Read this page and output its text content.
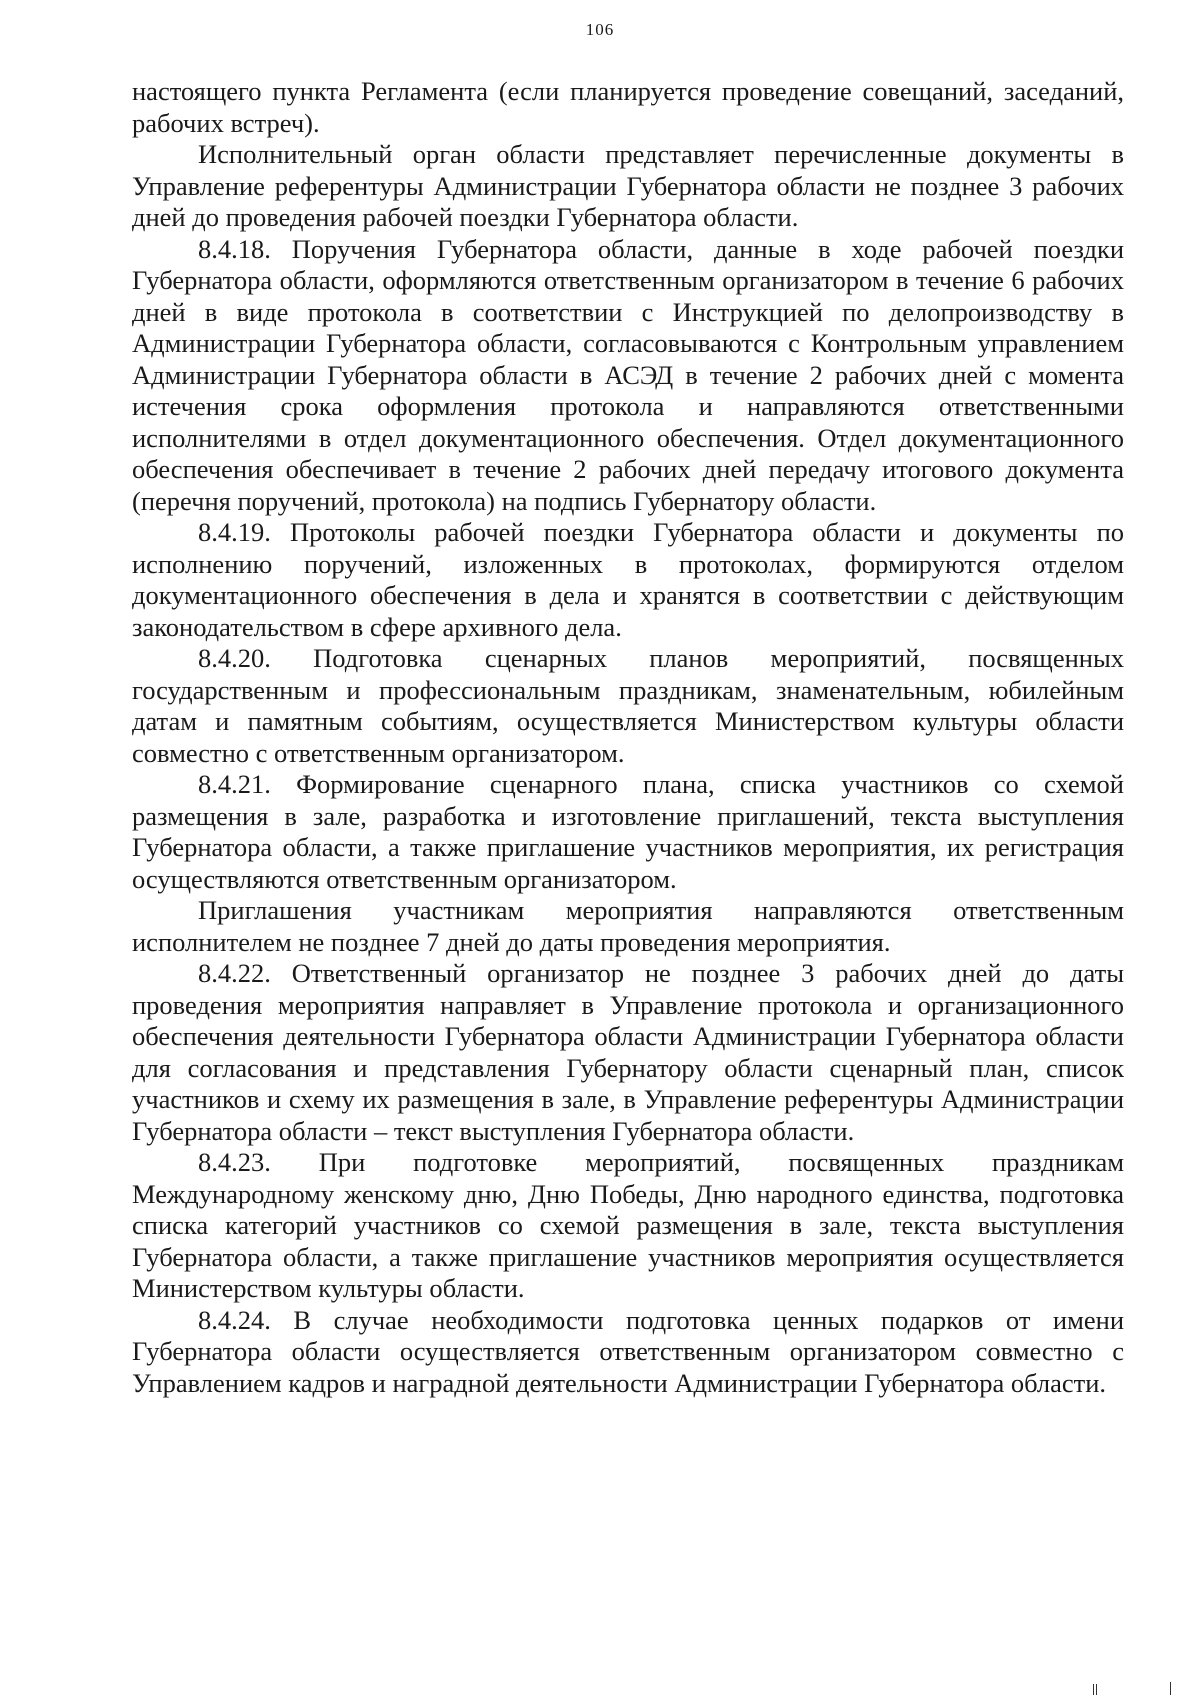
106

настоящего пункта Регламента (если планируется проведение совещаний, заседаний, рабочих встреч).

Исполнительный орган области представляет перечисленные документы в Управление референтуры Администрации Губернатора области не позднее 3 рабочих дней до проведения рабочей поездки Губернатора области.

8.4.18. Поручения Губернатора области, данные в ходе рабочей поездки Губернатора области, оформляются ответственным организатором в течение 6 рабочих дней в виде протокола в соответствии с Инструкцией по делопроизводству в Администрации Губернатора области, согласовываются с Контрольным управлением Администрации Губернатора области в АСЭД в течение 2 рабочих дней с момента истечения срока оформления протокола и направляются ответственными исполнителями в отдел документационного обеспечения. Отдел документационного обеспечения обеспечивает в течение 2 рабочих дней передачу итогового документа (перечня поручений, протокола) на подпись Губернатору области.

8.4.19. Протоколы рабочей поездки Губернатора области и документы по исполнению поручений, изложенных в протоколах, формируются отделом документационного обеспечения в дела и хранятся в соответствии с действующим законодательством в сфере архивного дела.

8.4.20. Подготовка сценарных планов мероприятий, посвященных государственным и профессиональным праздникам, знаменательным, юбилейным датам и памятным событиям, осуществляется Министерством культуры области совместно с ответственным организатором.

8.4.21. Формирование сценарного плана, списка участников со схемой размещения в зале, разработка и изготовление приглашений, текста выступления Губернатора области, а также приглашение участников мероприятия, их регистрация осуществляются ответственным организатором.

Приглашения участникам мероприятия направляются ответственным исполнителем не позднее 7 дней до даты проведения мероприятия.

8.4.22. Ответственный организатор не позднее 3 рабочих дней до даты проведения мероприятия направляет в Управление протокола и организационного обеспечения деятельности Губернатора области Администрации Губернатора области для согласования и представления Губернатору области сценарный план, список участников и схему их размещения в зале, в Управление референтуры Администрации Губернатора области – текст выступления Губернатора области.

8.4.23. При подготовке мероприятий, посвященных праздникам Международному женскому дню, Дню Победы, Дню народного единства, подготовка списка категорий участников со схемой размещения в зале, текста выступления Губернатора области, а также приглашение участников мероприятия осуществляется Министерством культуры области.

8.4.24. В случае необходимости подготовка ценных подарков от имени Губернатора области осуществляется ответственным организатором совместно с Управлением кадров и наградной деятельности Администрации Губернатора области.
